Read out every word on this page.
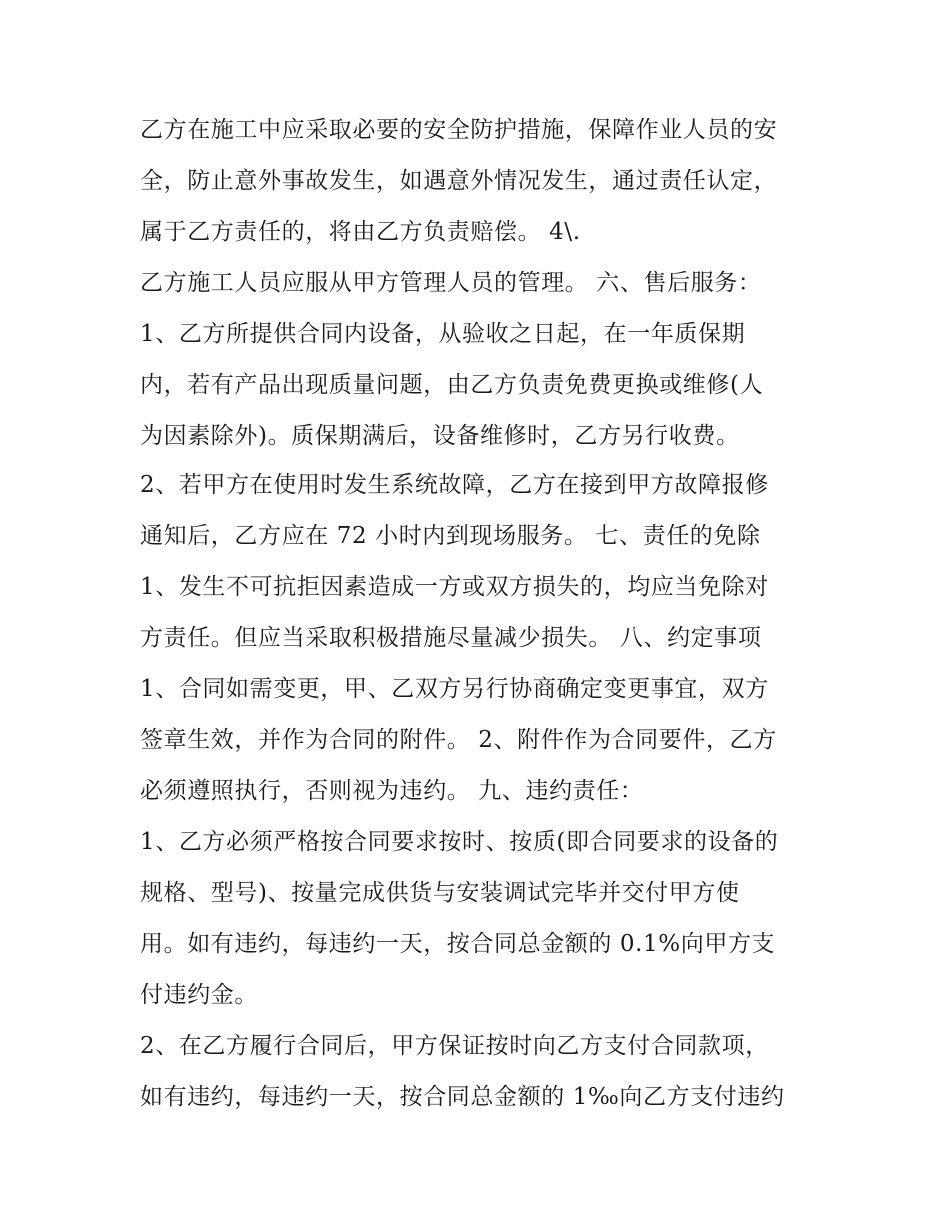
乙方在施工中应采取必要的安全防护措施，保障作业人员的安
全，防止意外事故发生，如遇意外情况发生，通过责任认定，
属于乙方责任的，将由乙方负责赔偿。 4\.
乙方施工人员应服从甲方管理人员的管理。 六、售后服务：
1、乙方所提供合同内设备，从验收之日起，在一年质保期
内，若有产品出现质量问题，由乙方负责免费更换或维修(人
为因素除外)。质保期满后，设备维修时，乙方另行收费。
2、若甲方在使用时发生系统故障，乙方在接到甲方故障报修
通知后，乙方应在 72 小时内到现场服务。 七、责任的免除
1、发生不可抗拒因素造成一方或双方损失的，均应当免除对
方责任。但应当采取积极措施尽量减少损失。 八、约定事项
1、合同如需变更，甲、乙双方另行协商确定变更事宜，双方
签章生效，并作为合同的附件。 2、附件作为合同要件，乙方
必须遵照执行，否则视为违约。 九、违约责任：
1、乙方必须严格按合同要求按时、按质(即合同要求的设备的
规格、型号)、按量完成供货与安装调试完毕并交付甲方使
用。如有违约，每违约一天，按合同总金额的 0.1%向甲方支
付违约金。
2、在乙方履行合同后，甲方保证按时向乙方支付合同款项，
如有违约，每违约一天，按合同总金额的 1‰向乙方支付违约
